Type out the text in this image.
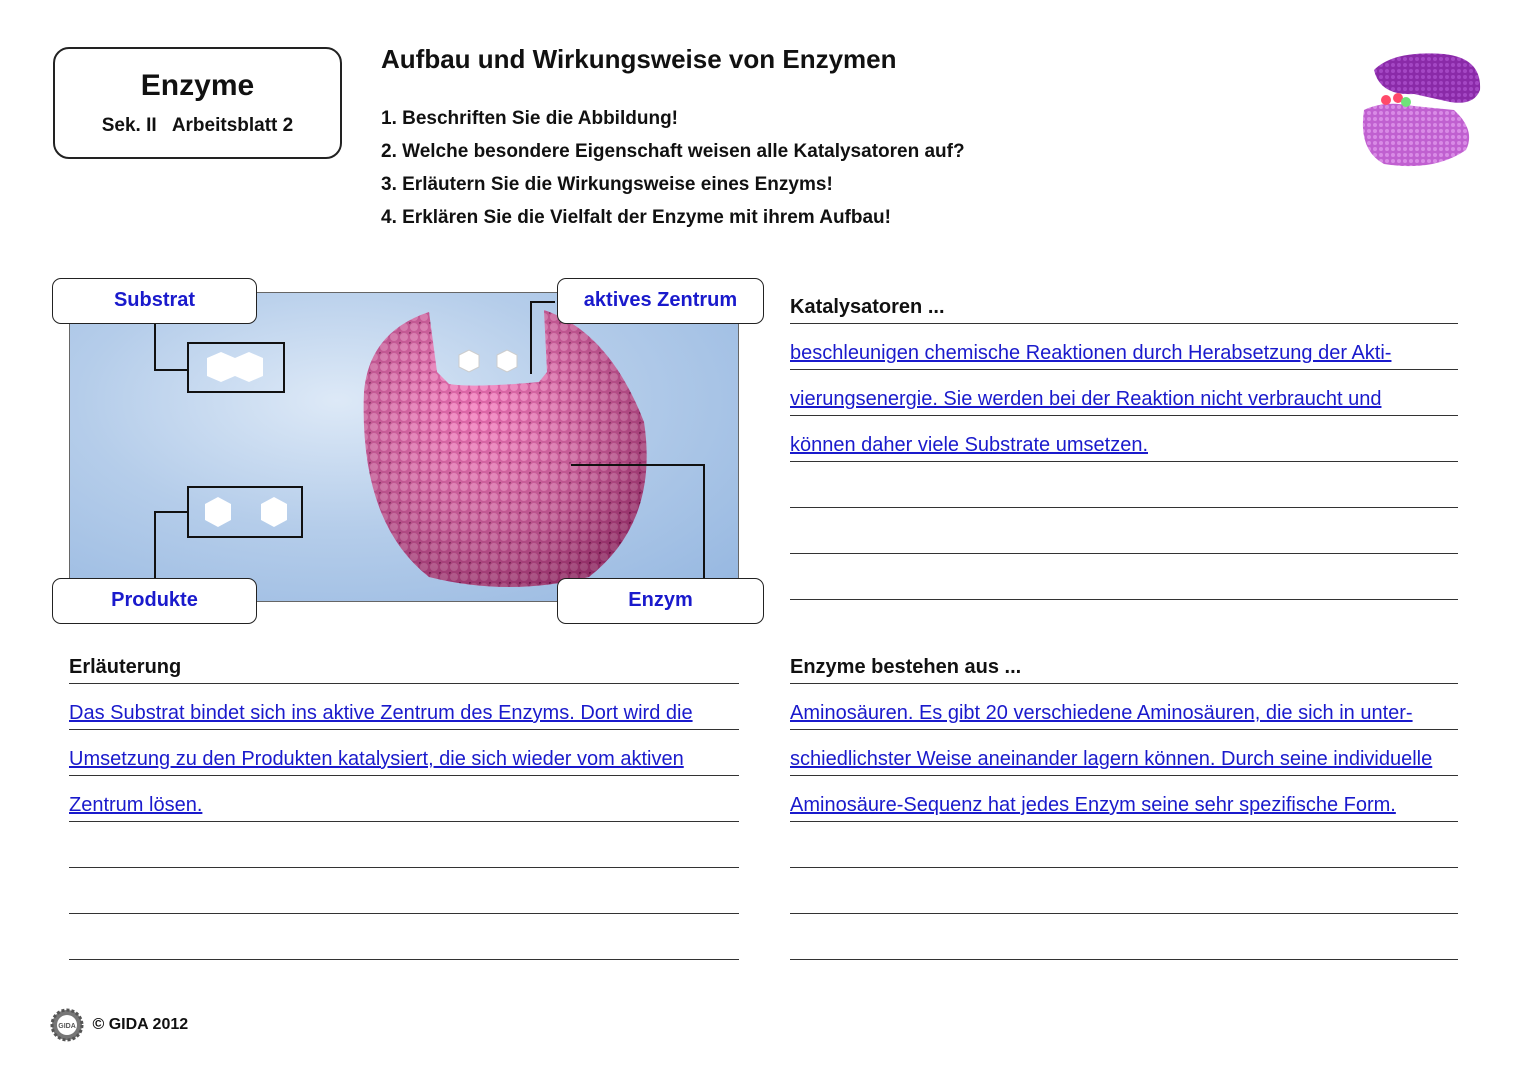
Enzyme
Sek. II Arbeitsblatt 2
Aufbau und Wirkungsweise von Enzymen
1. Beschriften Sie die Abbildung!
2. Welche besondere Eigenschaft weisen alle Katalysatoren auf?
3. Erläutern Sie die Wirkungsweise eines Enzyms!
4. Erklären Sie die Vielfalt der Enzyme mit ihrem Aufbau!
Substrat	aktives Zentrum
Produkte	Enzym
Katalysatoren ...
beschleunigen chemische Reaktionen durch Herabsetzung der Akti-
vierungsenergie. Sie werden bei der Reaktion nicht verbraucht und
können daher viele Substrate umsetzen.
Erläuterung
Das Substrat bindet sich ins aktive Zentrum des Enzyms. Dort wird die
Umsetzung zu den Produkten katalysiert, die sich wieder vom aktiven
Zentrum lösen.
Enzyme bestehen aus ...
Aminosäuren. Es gibt 20 verschiedene Aminosäuren, die sich in unter-
schiedlichster Weise aneinander lagern können. Durch seine individuelle
Aminosäure-Sequenz hat jedes Enzym seine sehr spezifische Form.
GIDA © GIDA 2012
